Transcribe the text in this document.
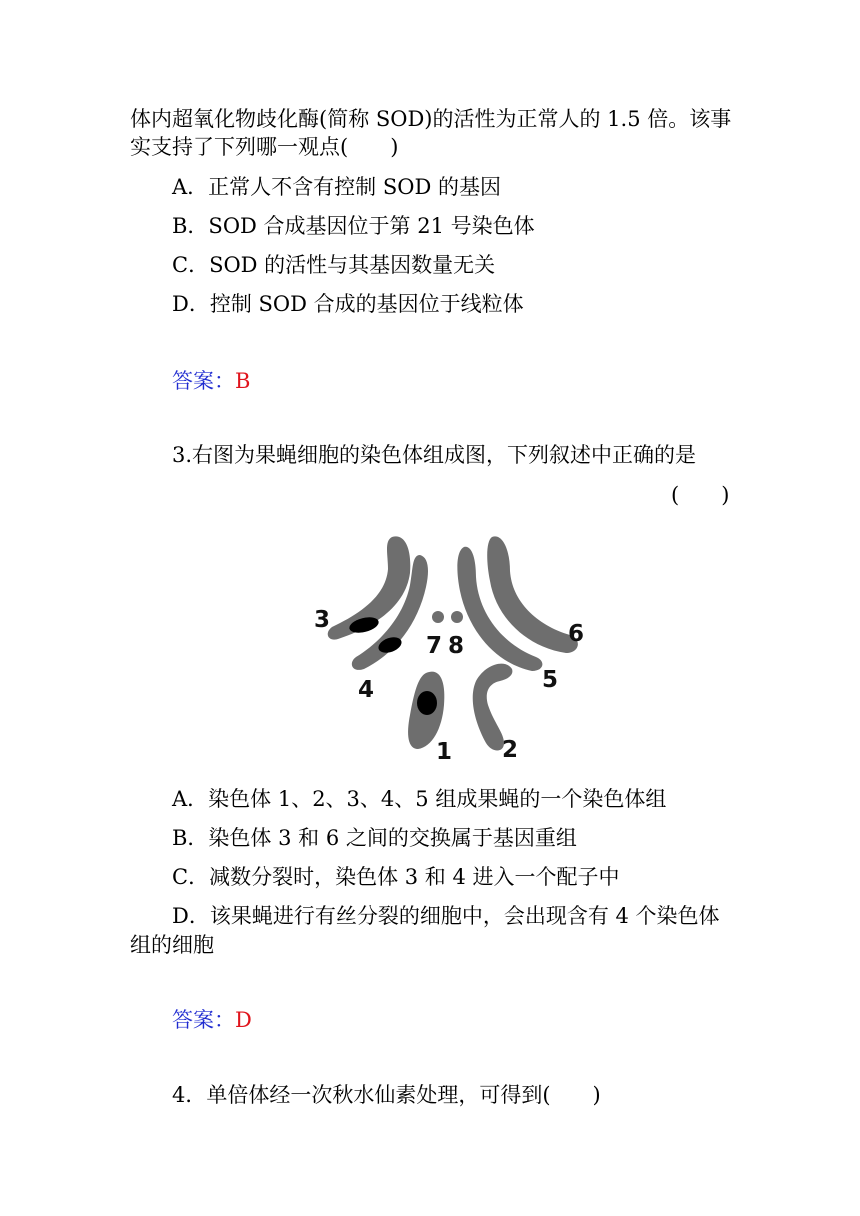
体内超氧化物歧化酶(简称 SOD)的活性为正常人的 1.5 倍。该事
实支持了下列哪一观点(　　)
A．正常人不含有控制 SOD 的基因
B．SOD 合成基因位于第 21 号染色体
C．SOD 的活性与其基因数量无关
D．控制 SOD 合成的基因位于线粒体
答案：B
3.右图为果蝇细胞的染色体组成图，下列叙述中正确的是
(　　)
3
4
7 8	6
5
1 2
A．染色体 1、2、3、4、5 组成果蝇的一个染色体组
B．染色体 3 和 6 之间的交换属于基因重组
C．减数分裂时，染色体 3 和 4 进入一个配子中
D．该果蝇进行有丝分裂的细胞中，会出现含有 4 个染色体
组的细胞
答案：D
4．单倍体经一次秋水仙素处理，可得到(　　)
